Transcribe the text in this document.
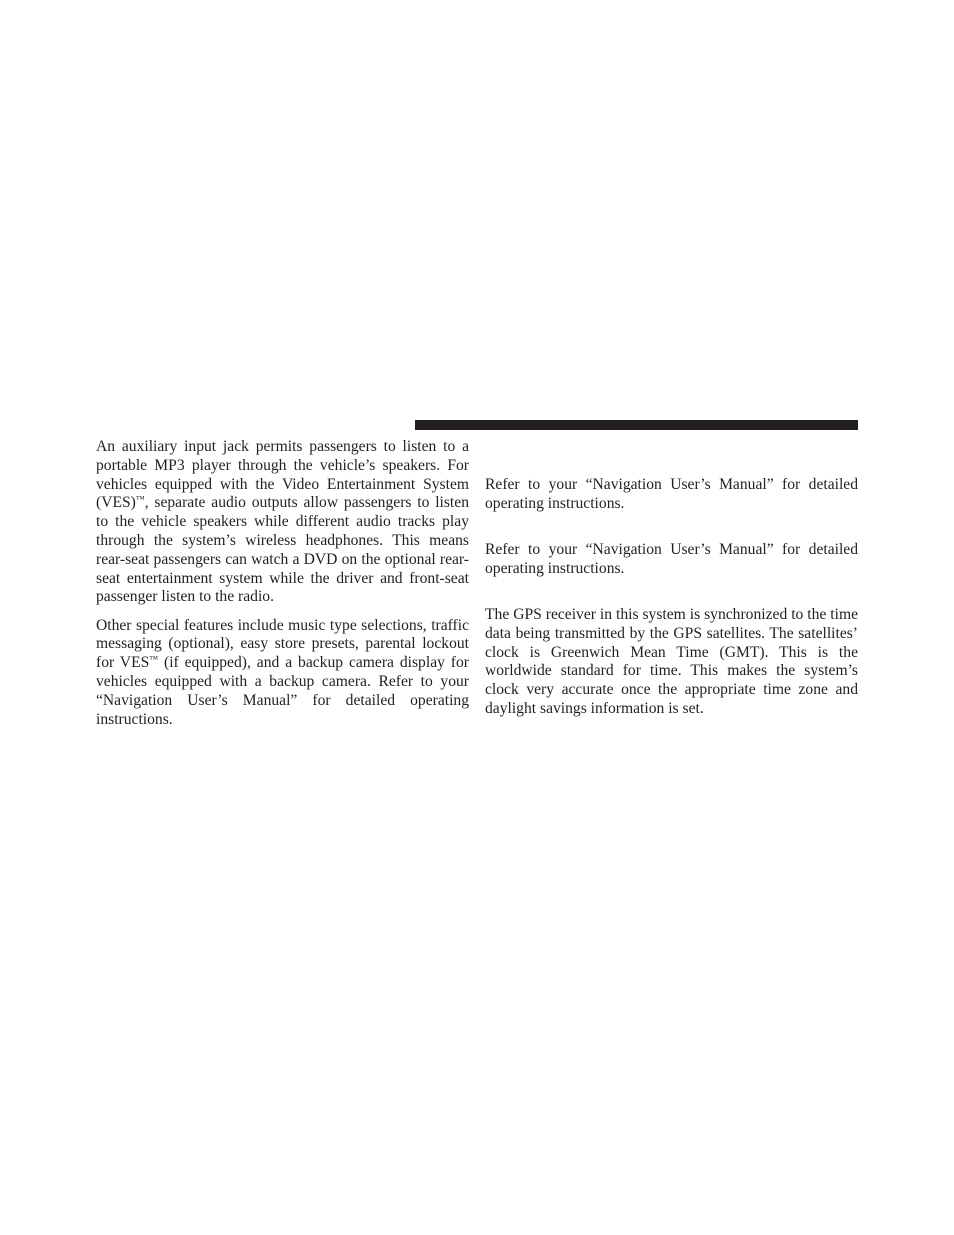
An auxiliary input jack permits passengers to listen to a portable MP3 player through the vehicle’s speakers. For vehicles equipped with the Video Entertainment System (VES)™, separate audio outputs allow passengers to listen to the vehicle speakers while different audio tracks play through the system’s wireless headphones. This means rear-seat passengers can watch a DVD on the optional rear-seat entertainment system while the driver and front-seat passenger listen to the radio.

Other special features include music type selections, traffic messaging (optional), easy store presets, parental lockout for VES™ (if equipped), and a backup camera display for vehicles equipped with a backup camera. Refer to your “Navigation User’s Manual” for detailed operating instructions.

Refer to your “Navigation User’s Manual” for detailed operating instructions.

Refer to your “Navigation User’s Manual” for detailed operating instructions.

The GPS receiver in this system is synchronized to the time data being transmitted by the GPS satellites. The satellites’ clock is Greenwich Mean Time (GMT). This is the worldwide standard for time. This makes the system’s clock very accurate once the appropriate time zone and daylight savings information is set.
